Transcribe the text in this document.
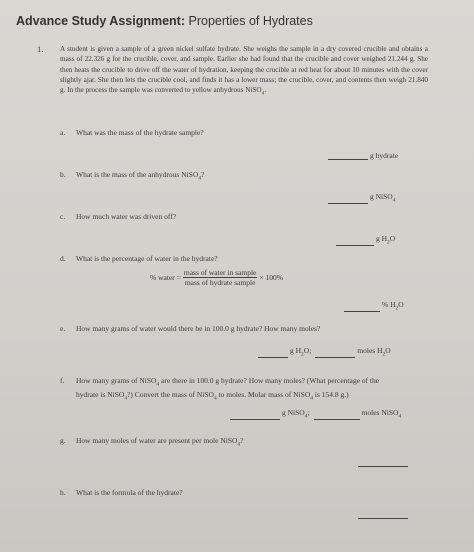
Advance Study Assignment: Properties of Hydrates
1. A student is given a sample of a green nickel sulfate hydrate. She weighs the sample in a dry covered crucible and obtains a mass of 22.326 g for the crucible, cover, and sample. Earlier she had found that the crucible and cover weighed 21.244 g. She then heats the crucible to drive off the water of hydration, keeping the crucible at red heat for about 10 minutes with the cover slightly ajar. She then lets the crucible cool, and finds it has a lower mass; the crucible, cover, and contents then weigh 21.840 g. In the process the sample was converted to yellow anhydrous NiSO$_4$.
a. What was the mass of the hydrate sample?
g hydrate
b. What is the mass of the anhydrous NiSO$_4$?
g NiSO$_4$
c. How much water was driven off?
g $H_2O$
d. What is the percentage of water in the hydrate?
% water = $\frac{\text{mass of water in sample}}{\text{mass of hydrate sample}} \times 100\%$
% $H_2O$
e. How many grams of water would there be in 100.0 g hydrate? How many moles?
g $H_2O$;	moles $H_2O$
f. How many grams of NiSO$_4$ are there in 100.0 g hydrate? How many moles? (What percentage of the
hydrate is NiSO$_4$?) Convert the mass of NiSO$_4$ to moles. Molar mass of NiSO$_4$ is 154.8 g.)
g NiSO$_4$;	moles NiSO$_4$
g. How many moles of water are present per mole NiSO$_4$?
h. What is the formula of the hydrate?
